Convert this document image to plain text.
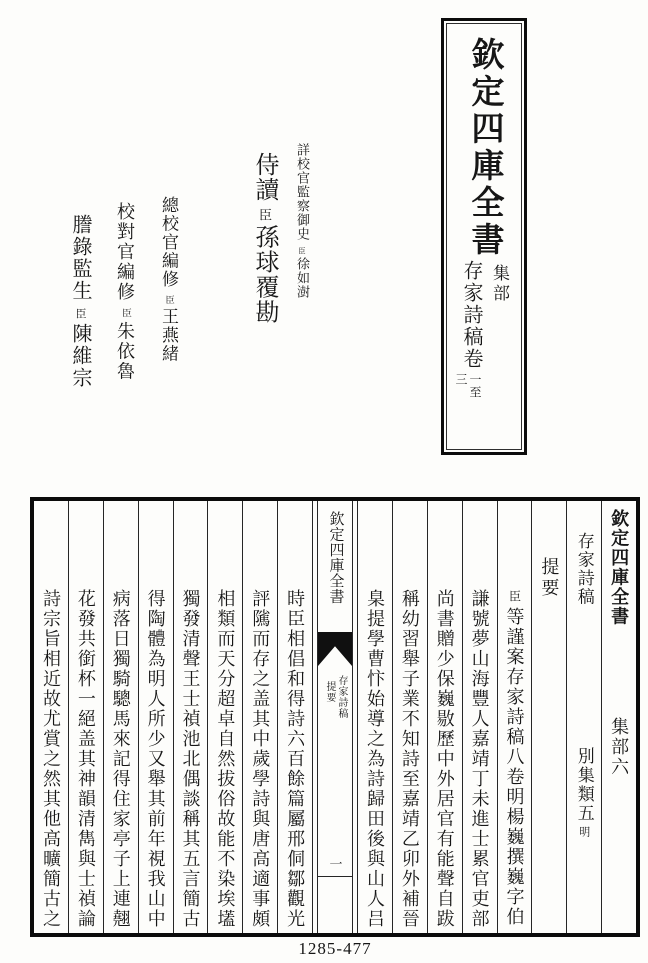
欽定四庫全書
存家詩稿卷
一至
三
集部
詳校官監察御史臣徐如澍
侍讀臣孫球覆勘
總校官編修臣王燕緒
校對官編修臣朱依魯
謄錄監生臣陳維宗
欽定四庫全書
集部六
存家詩稿
別集類五明
提要
臣等謹案存家詩稿八卷明楊巍撰巍字伯
謙號夢山海豐人嘉靖丁未進士累官吏部
尚書贈少保巍敭歷中外居官有能聲自跋
稱幼習舉子業不知詩至嘉靖乙卯外補晉
臬提學曹忭始導之為詩歸田後與山人吕
欽定四庫全書
存家詩稿
提要
一
時臣相倡和得詩六百餘篇屬邢侗鄒觀光
評隲而存之盖其中歲學詩與唐高適事頗
相類而天分超卓自然拔俗故能不染埃壒
獨發清聲王士禎池北偶談稱其五言簡古
得陶體為明人所少又舉其前年視我山中
病落日獨騎驄馬來記得住家亭子上連翹
花發共銜杯一絕盖其神韻清雋與士禎論
詩宗旨相近故尤賞之然其他高曠簡古之
1285-477
